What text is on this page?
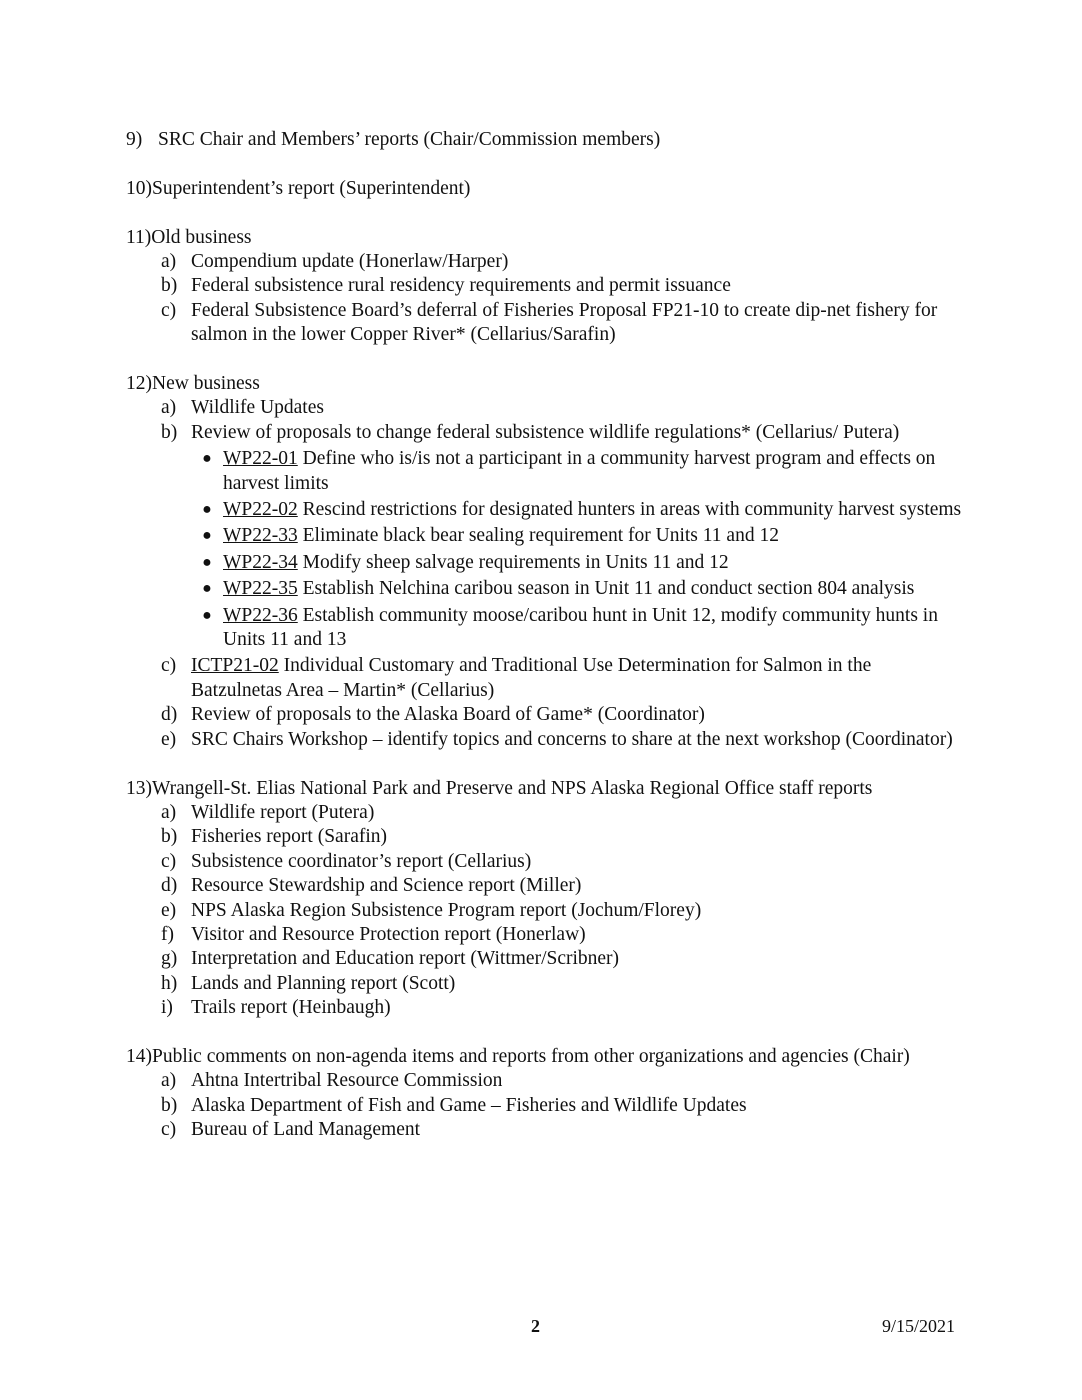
9) SRC Chair and Members’ reports (Chair/Commission members)
10) Superintendent’s report (Superintendent)
11) Old business
a) Compendium update (Honerlaw/Harper)
b) Federal subsistence rural residency requirements and permit issuance
c) Federal Subsistence Board’s deferral of Fisheries Proposal FP21-10 to create dip-net fishery for salmon in the lower Copper River* (Cellarius/Sarafin)
12) New business
a) Wildlife Updates
b) Review of proposals to change federal subsistence wildlife regulations* (Cellarius/ Putera)
● WP22-01 Define who is/is not a participant in a community harvest program and effects on harvest limits
● WP22-02 Rescind restrictions for designated hunters in areas with community harvest systems
● WP22-33 Eliminate black bear sealing requirement for Units 11 and 12
● WP22-34 Modify sheep salvage requirements in Units 11 and 12
● WP22-35 Establish Nelchina caribou season in Unit 11 and conduct section 804 analysis
● WP22-36 Establish community moose/caribou hunt in Unit 12, modify community hunts in Units 11 and 13
c) ICTP21-02 Individual Customary and Traditional Use Determination for Salmon in the Batzulnetas Area – Martin* (Cellarius)
d) Review of proposals to the Alaska Board of Game* (Coordinator)
e) SRC Chairs Workshop – identify topics and concerns to share at the next workshop (Coordinator)
13) Wrangell-St. Elias National Park and Preserve and NPS Alaska Regional Office staff reports
a) Wildlife report (Putera)
b) Fisheries report (Sarafin)
c) Subsistence coordinator’s report (Cellarius)
d) Resource Stewardship and Science report (Miller)
e) NPS Alaska Region Subsistence Program report (Jochum/Florey)
f) Visitor and Resource Protection report (Honerlaw)
g) Interpretation and Education report (Wittmer/Scribner)
h) Lands and Planning report (Scott)
i) Trails report (Heinbaugh)
14) Public comments on non-agenda items and reports from other organizations and agencies (Chair)
a) Ahtna Intertribal Resource Commission
b) Alaska Department of Fish and Game – Fisheries and Wildlife Updates
c) Bureau of Land Management
2	9/15/2021
